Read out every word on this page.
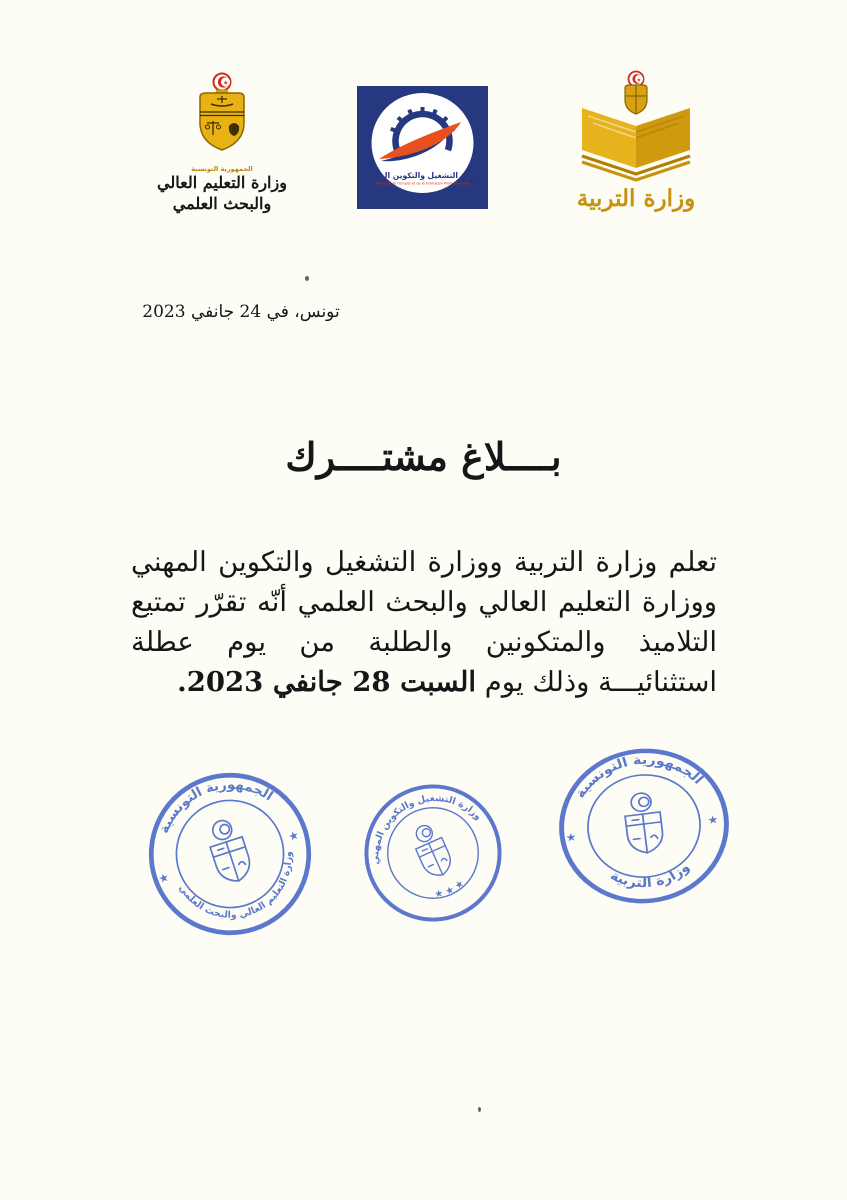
★
الجمهورية التونسية
وزارة التعليم العالي
والبحث العلمي
وزارة التشغيل والتكوين المهني
Ministère de l'Emploi et de la Formation Professionnelle
★
وزارة التربية
تونس، في 24 جانفي 2023
بــــلاغ مشتــــرك

تعلم وزارة التربية ووزارة التشغيل والتكوين المهني ووزارة التعليم العالي والبحث العلمي أنّه تقرّر تمتيع التلاميذ والمتكونين والطلبة من يوم عطلة استثنائيـــة وذلك يوم السبت 28 جانفي 2023.

الجمهورية التونسية
وزارة التعليم العالي والبحث العلمي
★
★
وزارة التشغيل والتكوين المهني
★ ★ ★
الجمهورية التونسية
وزارة التربية
★
★
